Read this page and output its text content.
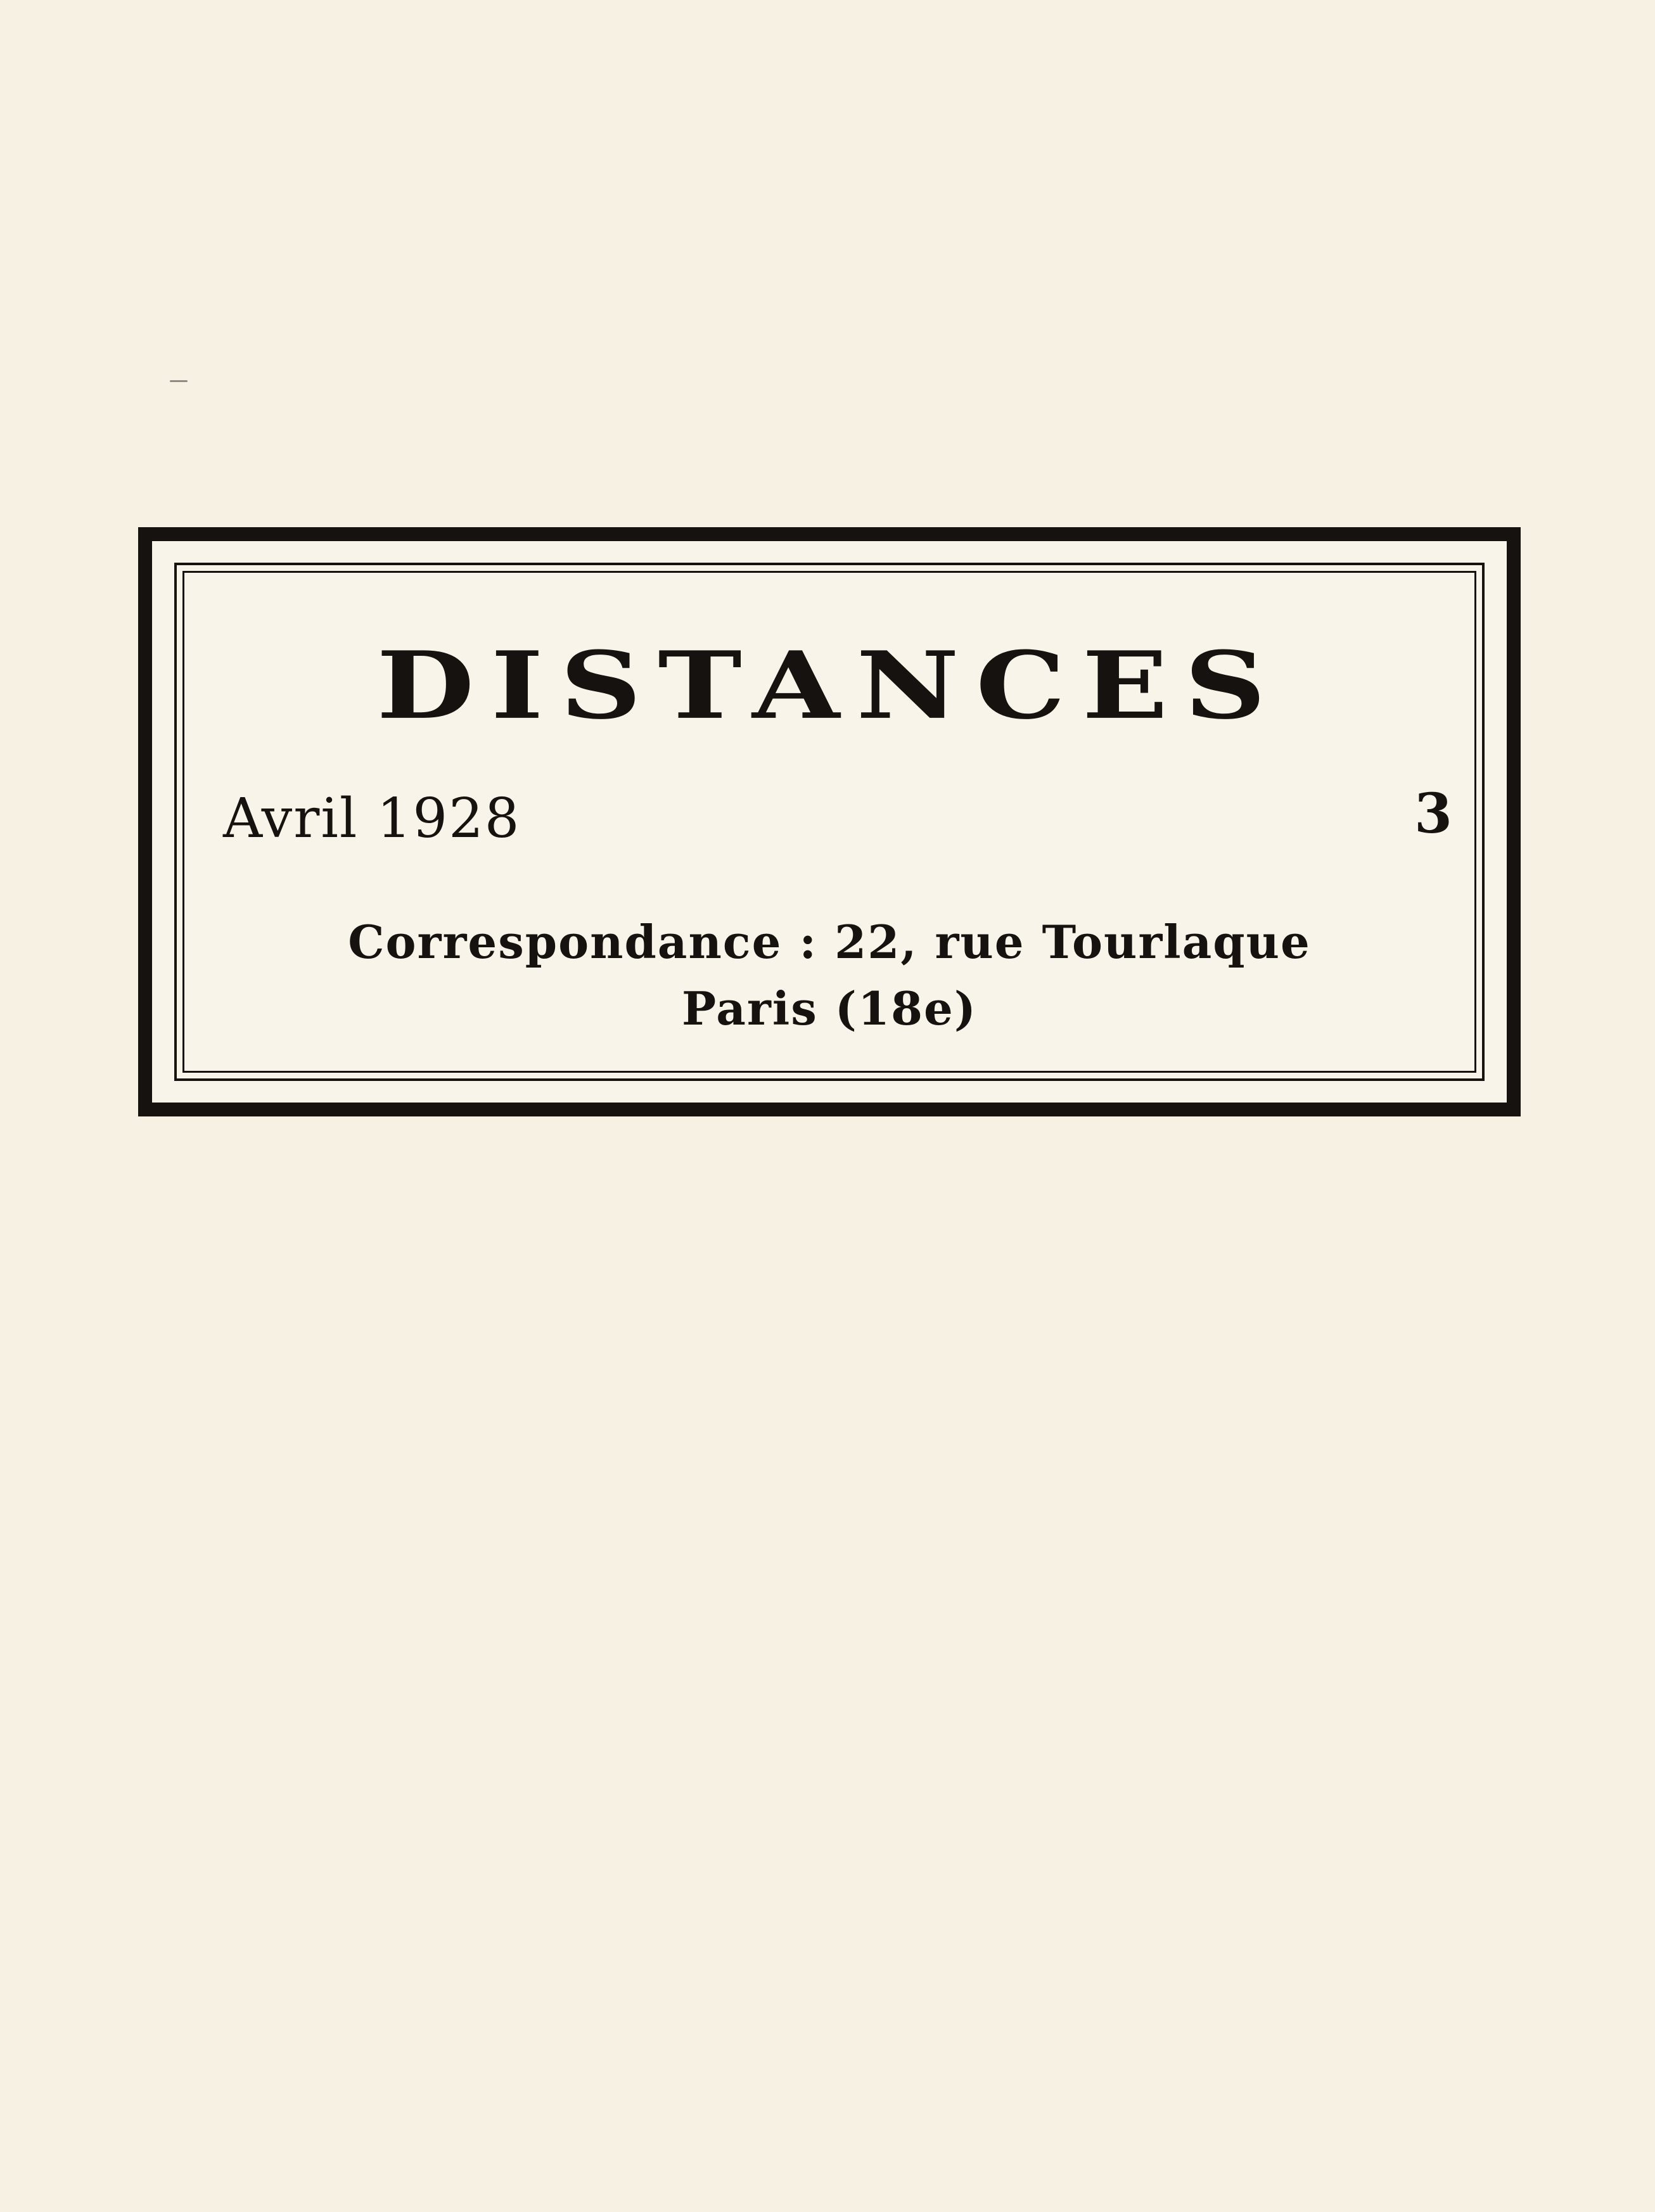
DISTANCES
Avril 1928	3
Correspondance : 22, rue Tourlaque
Paris (18e)
